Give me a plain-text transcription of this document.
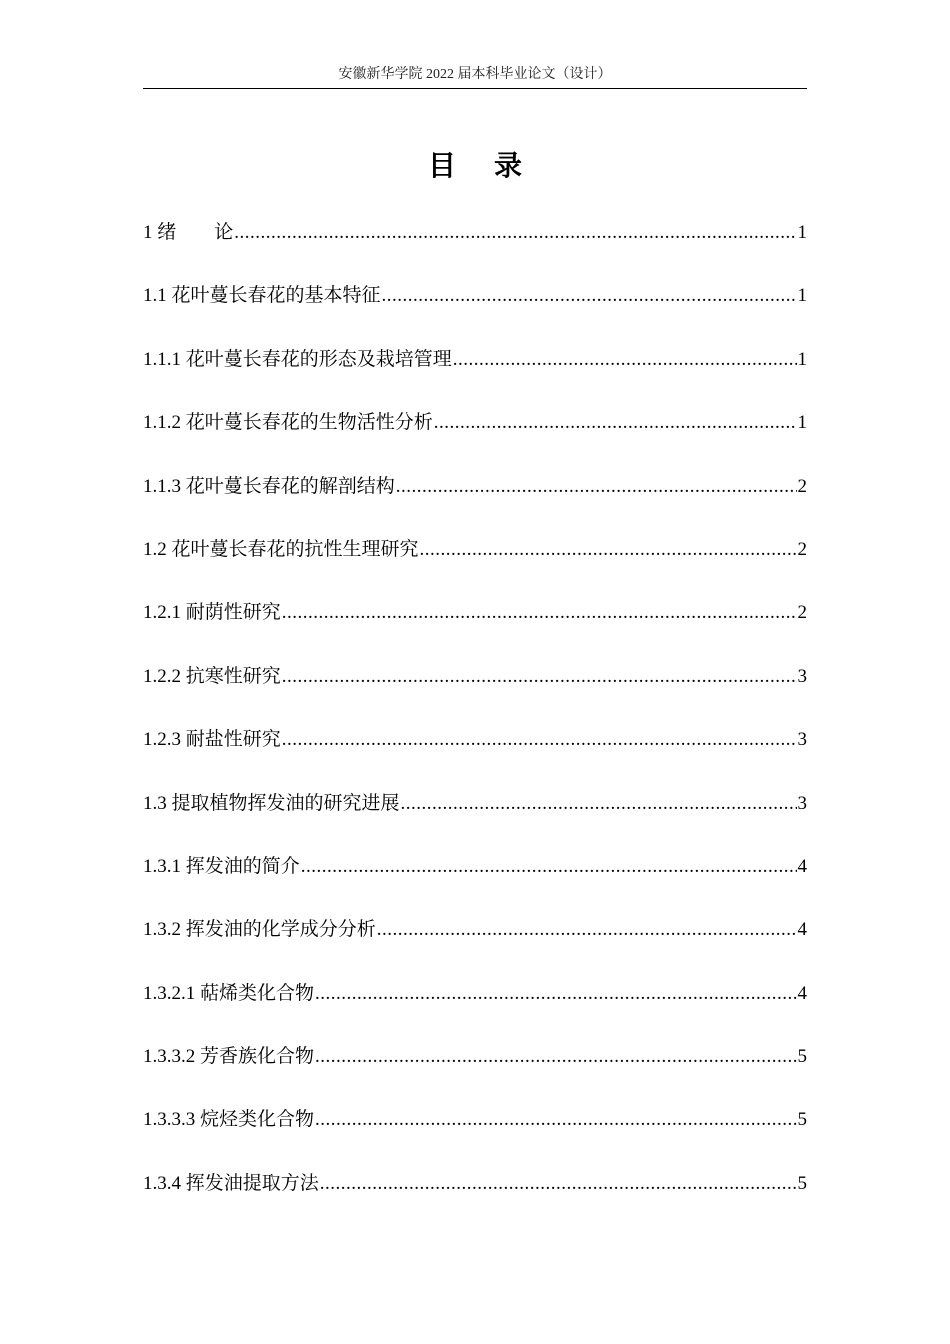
安徽新华学院 2022 届本科毕业论文（设计）
目录
1 绪　　论 .....	1
1.1 花叶蔓长春花的基本特征 .....	1
1.1.1 花叶蔓长春花的形态及栽培管理 .....	1
1.1.2 花叶蔓长春花的生物活性分析 .....	1
1.1.3 花叶蔓长春花的解剖结构 .....	2
1.2 花叶蔓长春花的抗性生理研究 .....	2
1.2.1 耐荫性研究 .....	2
1.2.2 抗寒性研究 .....	3
1.2.3 耐盐性研究 .....	3
1.3 提取植物挥发油的研究进展 .....	3
1.3.1 挥发油的简介 .....	4
1.3.2 挥发油的化学成分分析 .....	4
1.3.2.1 萜烯类化合物 .....	4
1.3.3.2 芳香族化合物 .....	5
1.3.3.3 烷烃类化合物 .....	5
1.3.4 挥发油提取方法 .....	5
